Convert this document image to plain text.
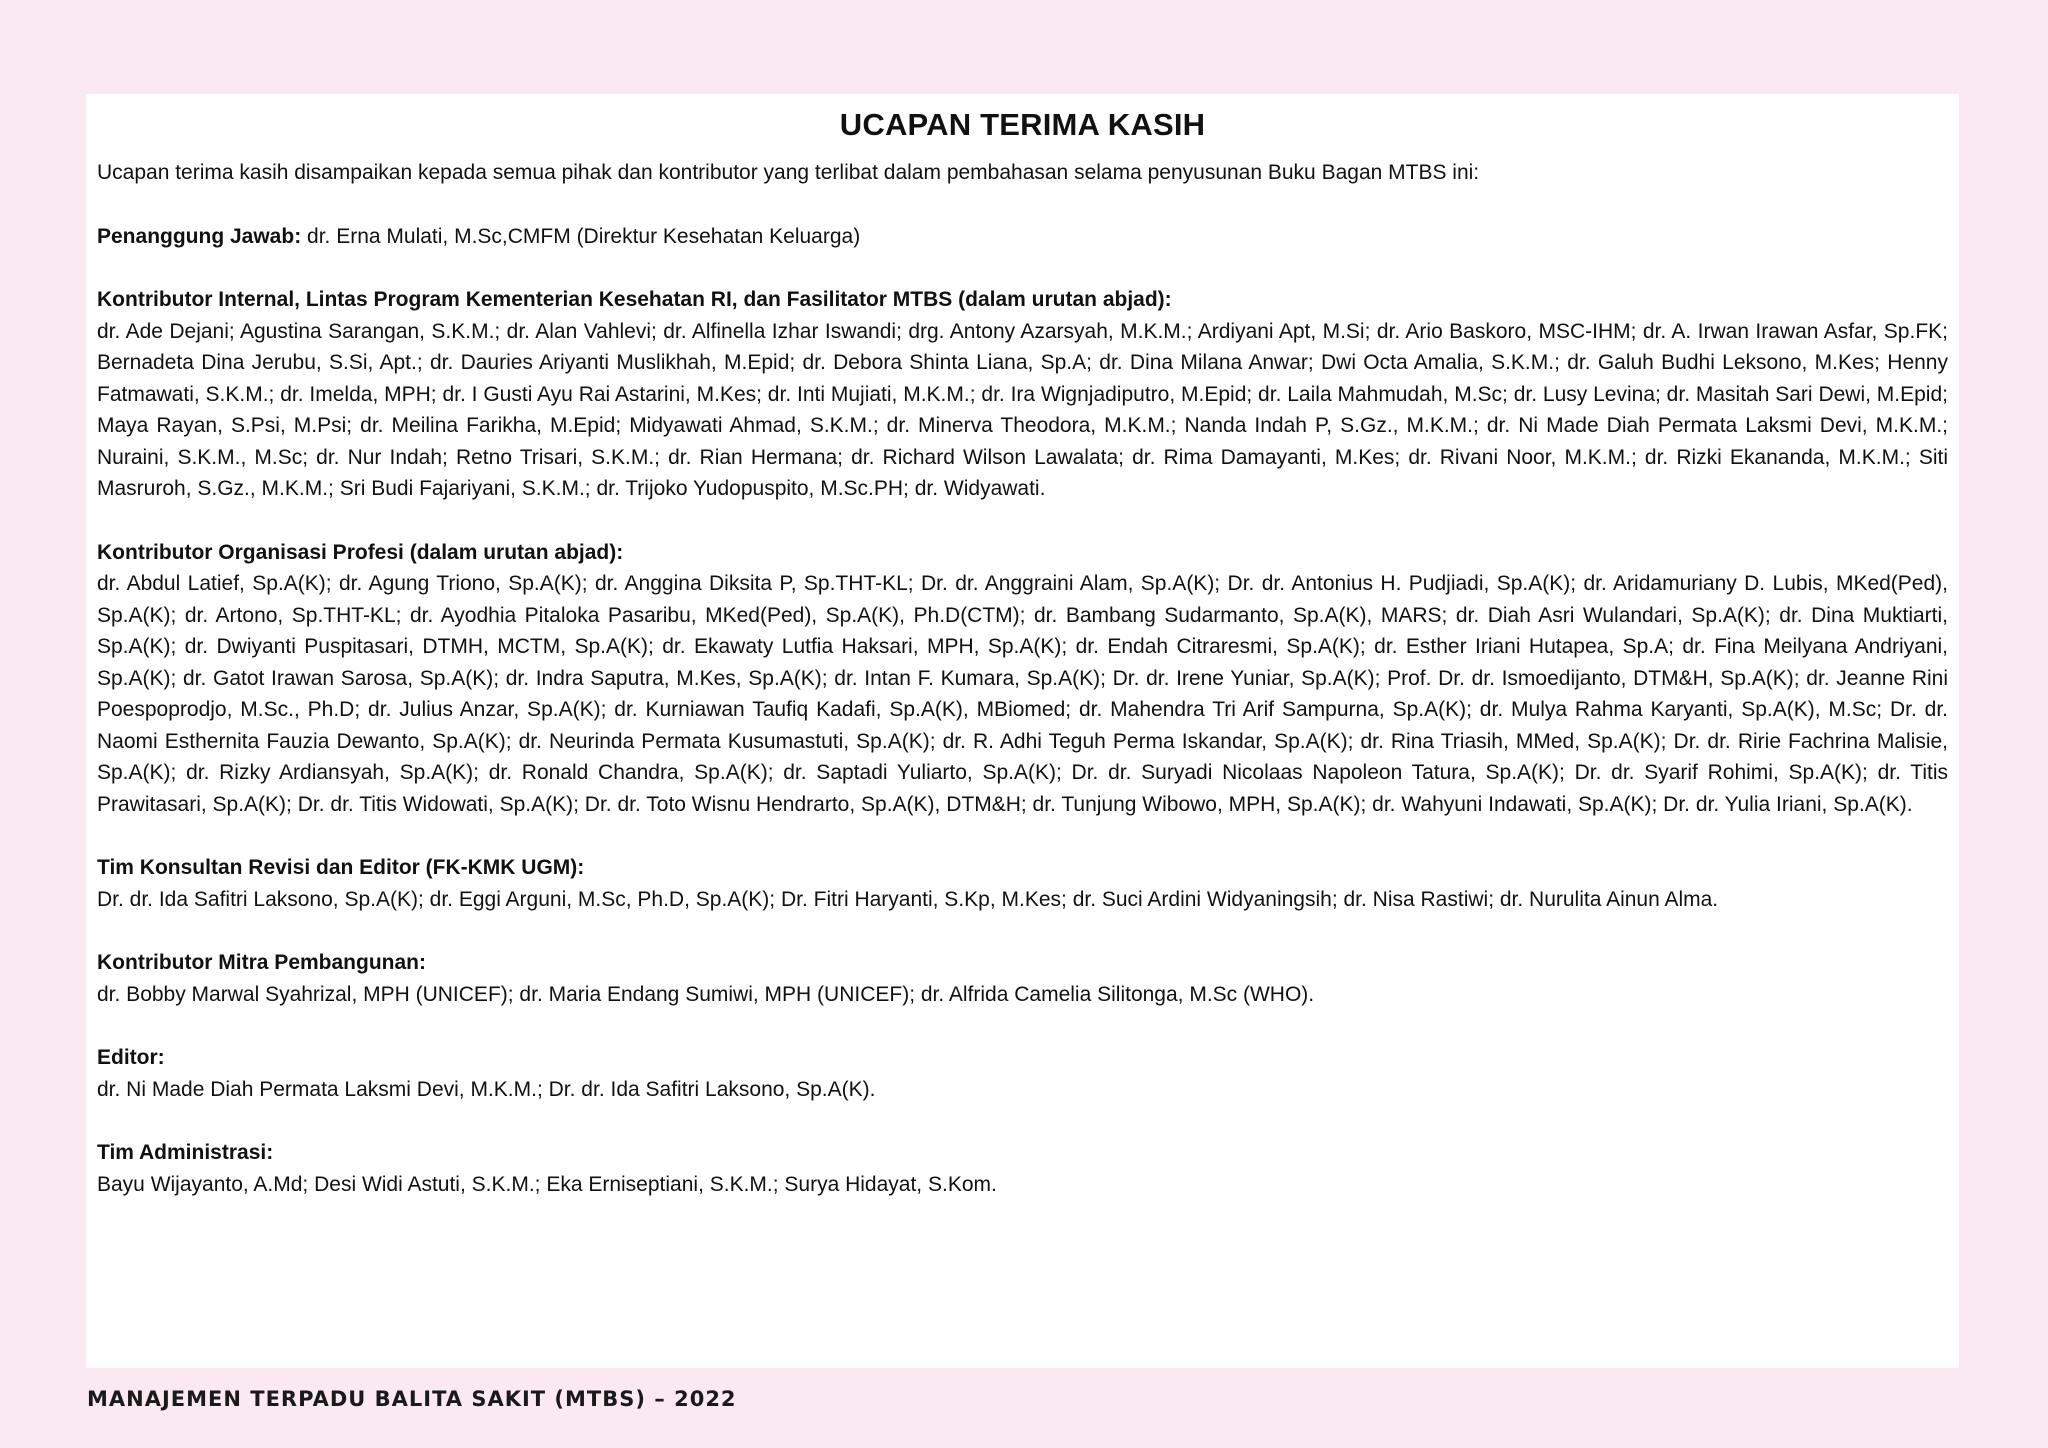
UCAPAN TERIMA KASIH
Ucapan terima kasih disampaikan kepada semua pihak dan kontributor yang terlibat dalam pembahasan selama penyusunan Buku Bagan MTBS ini:
Penanggung Jawab: dr. Erna Mulati, M.Sc,CMFM (Direktur Kesehatan Keluarga)
Kontributor Internal, Lintas Program Kementerian Kesehatan RI, dan Fasilitator MTBS (dalam urutan abjad):
dr. Ade Dejani; Agustina Sarangan, S.K.M.; dr. Alan Vahlevi; dr. Alfinella Izhar Iswandi; drg. Antony Azarsyah, M.K.M.; Ardiyani Apt, M.Si; dr. Ario Baskoro, MSC-IHM; dr. A. Irwan Irawan Asfar, Sp.FK; Bernadeta Dina Jerubu, S.Si, Apt.; dr. Dauries Ariyanti Muslikhah, M.Epid; dr. Debora Shinta Liana, Sp.A; dr. Dina Milana Anwar; Dwi Octa Amalia, S.K.M.; dr. Galuh Budhi Leksono, M.Kes; Henny Fatmawati, S.K.M.; dr. Imelda, MPH; dr. I Gusti Ayu Rai Astarini, M.Kes; dr. Inti Mujiati, M.K.M.; dr. Ira Wignjadiputro, M.Epid; dr. Laila Mahmudah, M.Sc; dr. Lusy Levina; dr. Masitah Sari Dewi, M.Epid; Maya Rayan, S.Psi, M.Psi; dr. Meilina Farikha, M.Epid; Midyawati Ahmad, S.K.M.; dr. Minerva Theodora, M.K.M.; Nanda Indah P, S.Gz., M.K.M.; dr. Ni Made Diah Permata Laksmi Devi, M.K.M.; Nuraini, S.K.M., M.Sc; dr. Nur Indah; Retno Trisari, S.K.M.; dr. Rian Hermana; dr. Richard Wilson Lawalata; dr. Rima Damayanti, M.Kes; dr. Rivani Noor, M.K.M.; dr. Rizki Ekananda, M.K.M.; Siti Masruroh, S.Gz., M.K.M.; Sri Budi Fajariyani, S.K.M.; dr. Trijoko Yudopuspito, M.Sc.PH; dr. Widyawati.
Kontributor Organisasi Profesi (dalam urutan abjad):
dr. Abdul Latief, Sp.A(K); dr. Agung Triono, Sp.A(K); dr. Anggina Diksita P, Sp.THT-KL; Dr. dr. Anggraini Alam, Sp.A(K); Dr. dr. Antonius H. Pudjiadi, Sp.A(K); dr. Aridamuriany D. Lubis, MKed(Ped), Sp.A(K); dr. Artono, Sp.THT-KL; dr. Ayodhia Pitaloka Pasaribu, MKed(Ped), Sp.A(K), Ph.D(CTM); dr. Bambang Sudarmanto, Sp.A(K), MARS; dr. Diah Asri Wulandari, Sp.A(K); dr. Dina Muktiarti, Sp.A(K); dr. Dwiyanti Puspitasari, DTMH, MCTM, Sp.A(K); dr. Ekawaty Lutfia Haksari, MPH, Sp.A(K); dr. Endah Citraresmi, Sp.A(K); dr. Esther Iriani Hutapea, Sp.A; dr. Fina Meilyana Andriyani, Sp.A(K); dr. Gatot Irawan Sarosa, Sp.A(K); dr. Indra Saputra, M.Kes, Sp.A(K); dr. Intan F. Kumara, Sp.A(K); Dr. dr. Irene Yuniar, Sp.A(K); Prof. Dr. dr. Ismoedijanto, DTM&H, Sp.A(K); dr. Jeanne Rini Poespoprodjo, M.Sc., Ph.D; dr. Julius Anzar, Sp.A(K); dr. Kurniawan Taufiq Kadafi, Sp.A(K), MBiomed; dr. Mahendra Tri Arif Sampurna, Sp.A(K); dr. Mulya Rahma Karyanti, Sp.A(K), M.Sc; Dr. dr. Naomi Esthernita Fauzia Dewanto, Sp.A(K); dr. Neurinda Permata Kusumastuti, Sp.A(K); dr. R. Adhi Teguh Perma Iskandar, Sp.A(K); dr. Rina Triasih, MMed, Sp.A(K); Dr. dr. Ririe Fachrina Malisie, Sp.A(K); dr. Rizky Ardiansyah, Sp.A(K); dr. Ronald Chandra, Sp.A(K); dr. Saptadi Yuliarto, Sp.A(K); Dr. dr. Suryadi Nicolaas Napoleon Tatura, Sp.A(K); Dr. dr. Syarif Rohimi, Sp.A(K); dr. Titis Prawitasari, Sp.A(K); Dr. dr. Titis Widowati, Sp.A(K); Dr. dr. Toto Wisnu Hendrarto, Sp.A(K), DTM&H; dr. Tunjung Wibowo, MPH, Sp.A(K); dr. Wahyuni Indawati, Sp.A(K); Dr. dr. Yulia Iriani, Sp.A(K).
Tim Konsultan Revisi dan Editor (FK-KMK UGM):
Dr. dr. Ida Safitri Laksono, Sp.A(K); dr. Eggi Arguni, M.Sc, Ph.D, Sp.A(K); Dr. Fitri Haryanti, S.Kp, M.Kes; dr. Suci Ardini Widyaningsih; dr. Nisa Rastiwi; dr. Nurulita Ainun Alma.
Kontributor Mitra Pembangunan:
dr. Bobby Marwal Syahrizal, MPH (UNICEF); dr. Maria Endang Sumiwi, MPH (UNICEF); dr. Alfrida Camelia Silitonga, M.Sc (WHO).
Editor:
dr. Ni Made Diah Permata Laksmi Devi, M.K.M.; Dr. dr. Ida Safitri Laksono, Sp.A(K).
Tim Administrasi:
Bayu Wijayanto, A.Md; Desi Widi Astuti, S.K.M.; Eka Erniseptiani, S.K.M.; Surya Hidayat, S.Kom.
MANAJEMEN TERPADU BALITA SAKIT (MTBS) – 2022
